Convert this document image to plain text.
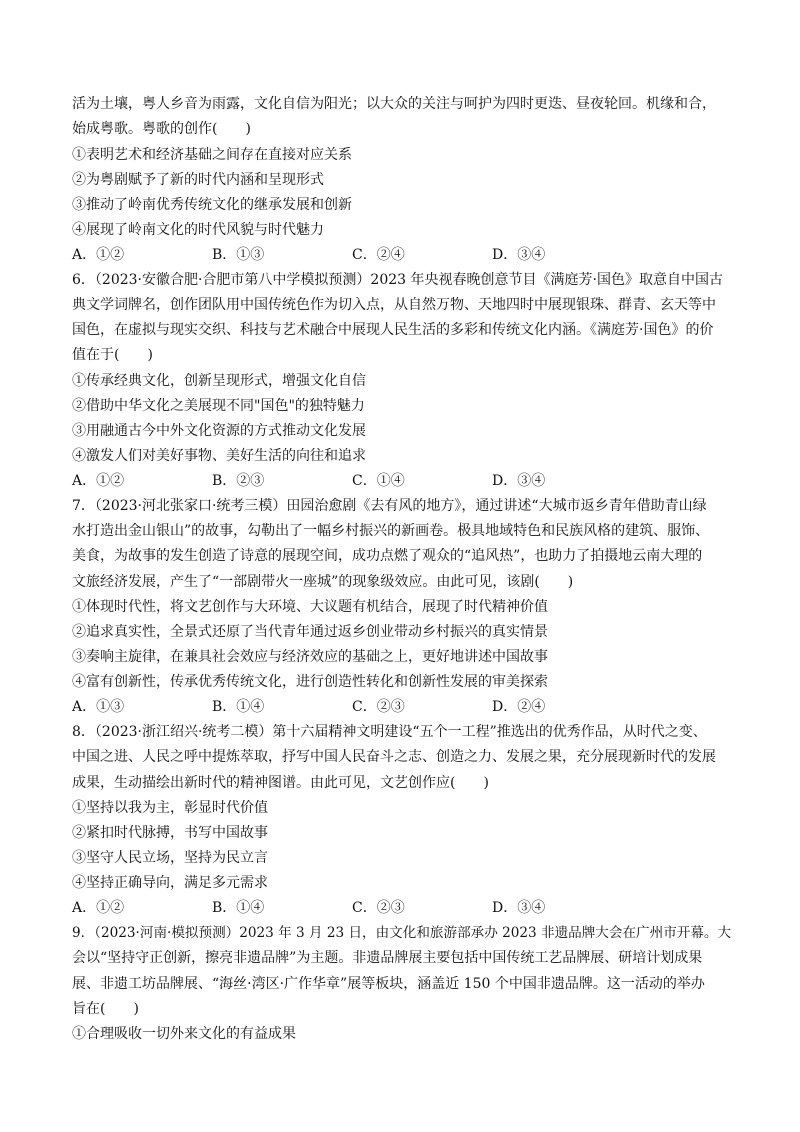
活为土壤，粤人乡音为雨露，文化自信为阳光；以大众的关注与呵护为四时更迭、昼夜轮回。机缘和合，
始成粤歌。粤歌的创作(　　)
①表明艺术和经济基础之间存在直接对应关系
②为粤剧赋予了新的时代内涵和呈现形式
③推动了岭南优秀传统文化的继承发展和创新
④展现了岭南文化的时代风貌与时代魅力
A．①②	B．①③	C．②④	D．③④
6．（2023·安徽合肥·合肥市第八中学模拟预测）2023 年央视春晚创意节目《满庭芳·国色》取意自中国古
典文学词牌名，创作团队用中国传统色作为切入点，从自然万物、天地四时中展现银珠、群青、玄天等中
国色，在虚拟与现实交织、科技与艺术融合中展现人民生活的多彩和传统文化内涵。《满庭芳·国色》的价
值在于(　　)
①传承经典文化，创新呈现形式，增强文化自信
②借助中华文化之美展现不同"国色"的独特魅力
③用融通古今中外文化资源的方式推动文化发展
④激发人们对美好事物、美好生活的向往和追求
A．①②	B．②③	C．①④	D．③④
7．（2023·河北张家口·统考三模）田园治愈剧《去有风的地方》，通过讲述“大城市返乡青年借助青山绿
水打造出金山银山”的故事，勾勒出了一幅乡村振兴的新画卷。极具地域特色和民族风格的建筑、服饰、
美食，为故事的发生创造了诗意的展现空间，成功点燃了观众的“追风热”，也助力了拍摄地云南大理的
文旅经济发展，产生了“一部剧带火一座城”的现象级效应。由此可见，该剧(　　)
①体现时代性，将文艺创作与大环境、大议题有机结合，展现了时代精神价值
②追求真实性，全景式还原了当代青年通过返乡创业带动乡村振兴的真实情景
③奏响主旋律，在兼具社会效应与经济效应的基础之上，更好地讲述中国故事
④富有创新性，传承优秀传统文化，进行创造性转化和创新性发展的审美探索
A．①③	B．①④	C．②③	D．②④
8．（2023·浙江绍兴·统考二模）第十六届精神文明建设“五个一工程”推选出的优秀作品，从时代之变、
中国之进、人民之呼中提炼萃取，抒写中国人民奋斗之志、创造之力、发展之果，充分展现新时代的发展
成果，生动描绘出新时代的精神图谱。由此可见，文艺创作应(　　)
①坚持以我为主，彰显时代价值
②紧扣时代脉搏，书写中国故事
③坚守人民立场，坚持为民立言
④坚持正确导向，满足多元需求
A．①②	B．①④	C．②③	D．③④
9．（2023·河南·模拟预测）2023 年 3 月 23 日，由文化和旅游部承办 2023 非遗品牌大会在广州市开幕。大
会以“坚持守正创新，擦亮非遗品牌”为主题。非遗品牌展主要包括中国传统工艺品牌展、研培计划成果
展、非遗工坊品牌展、“海丝·湾区·广作华章”展等板块，涵盖近 150 个中国非遗品牌。这一活动的举办
旨在(　　)
①合理吸收一切外来文化的有益成果
